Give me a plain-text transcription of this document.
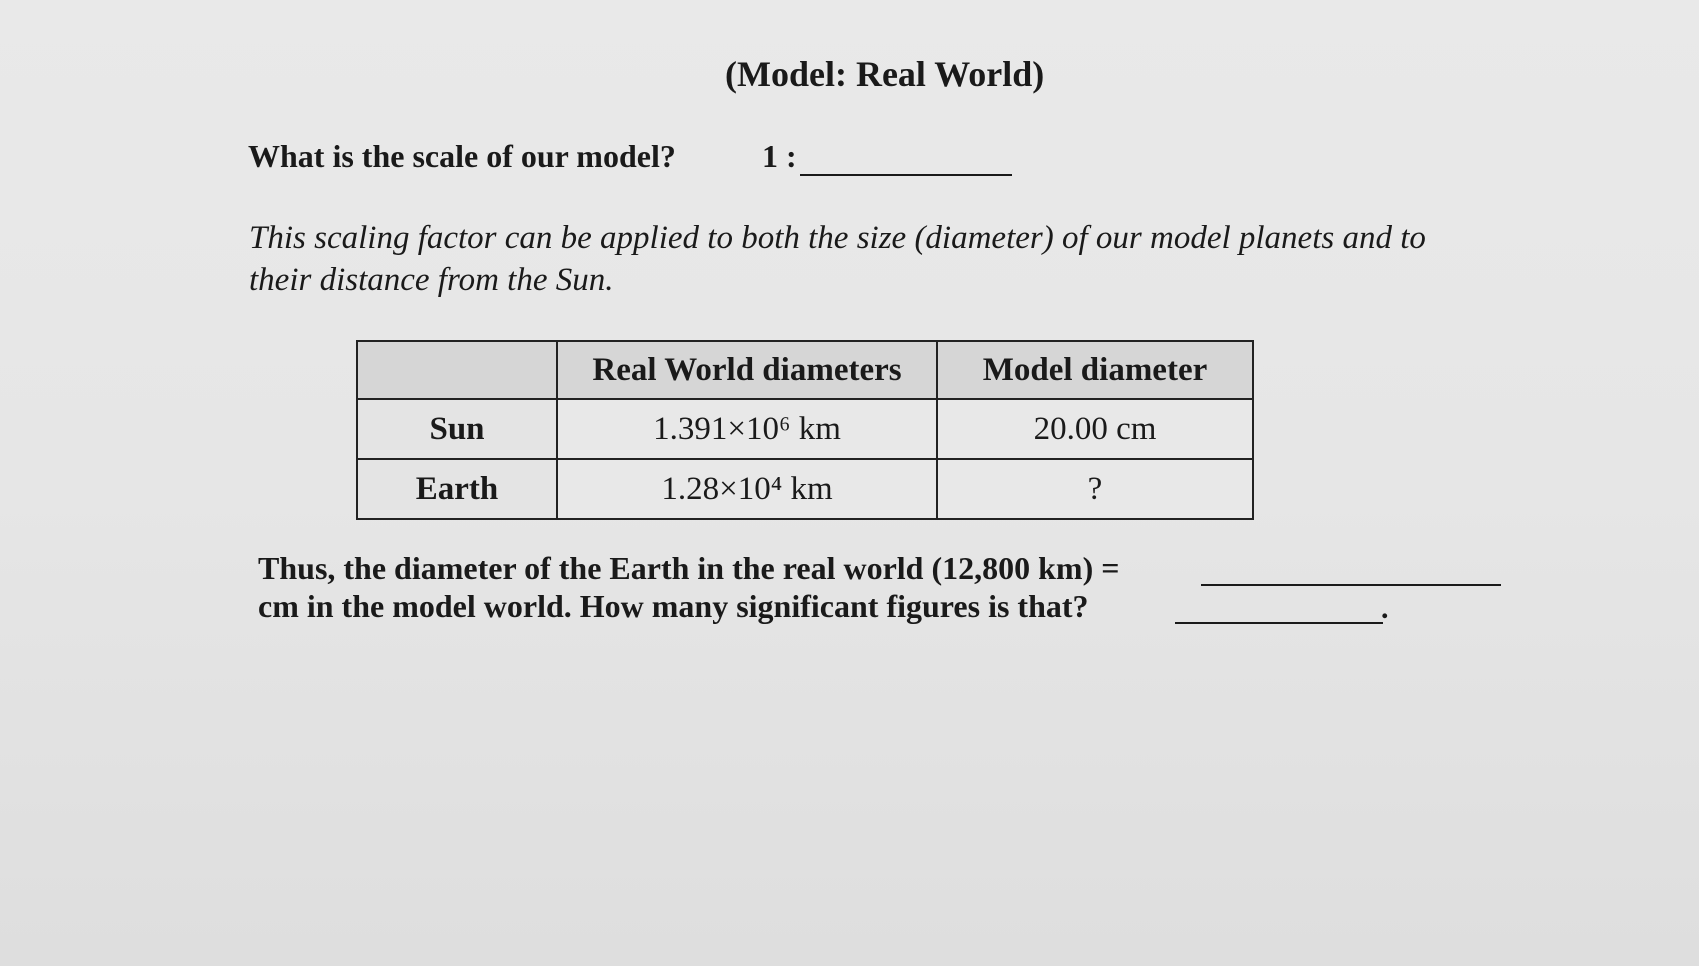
(Model: Real World)
What is the scale of our model?	1 :
This scaling factor can be applied to both the size (diameter) of our model planets and to
their distance from the Sun.
	Real World diameters	Model diameter
Sun	1.391×10⁶ km	20.00 cm
Earth	1.28×10⁴ km	?
Thus, the diameter of the Earth in the real world (12,800 km) =
cm in the model world. How many significant figures is that?	.
